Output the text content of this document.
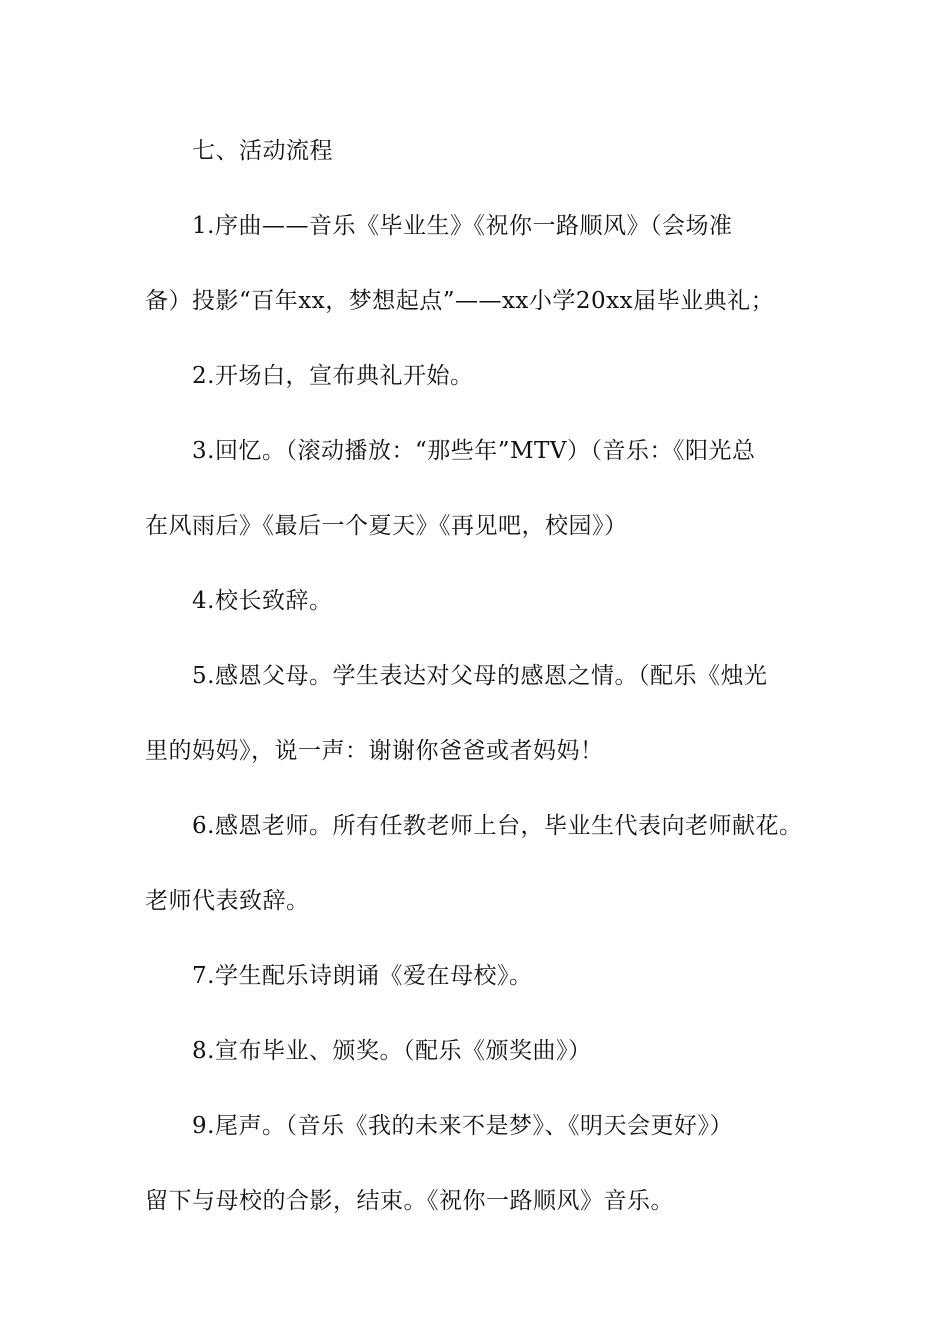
七、活动流程
1.序曲——音乐《毕业生》《祝你一路顺风》（会场准
备）投影“百年xx，梦想起点”——xx小学20xx届毕业典礼；
2.开场白，宣布典礼开始。
3.回忆。（滚动播放：“那些年”MTV）（音乐：《阳光总
在风雨后》《最后一个夏天》《再见吧，校园》）
4.校长致辞。
5.感恩父母。学生表达对父母的感恩之情。（配乐《烛光
里的妈妈》，说一声：谢谢你爸爸或者妈妈！
6.感恩老师。所有任教老师上台，毕业生代表向老师献花。
老师代表致辞。
7.学生配乐诗朗诵《爱在母校》。
8.宣布毕业、颁奖。（配乐《颁奖曲》）
9.尾声。（音乐《我的未来不是梦》、《明天会更好》）
留下与母校的合影，结束。《祝你一路顺风》音乐。
